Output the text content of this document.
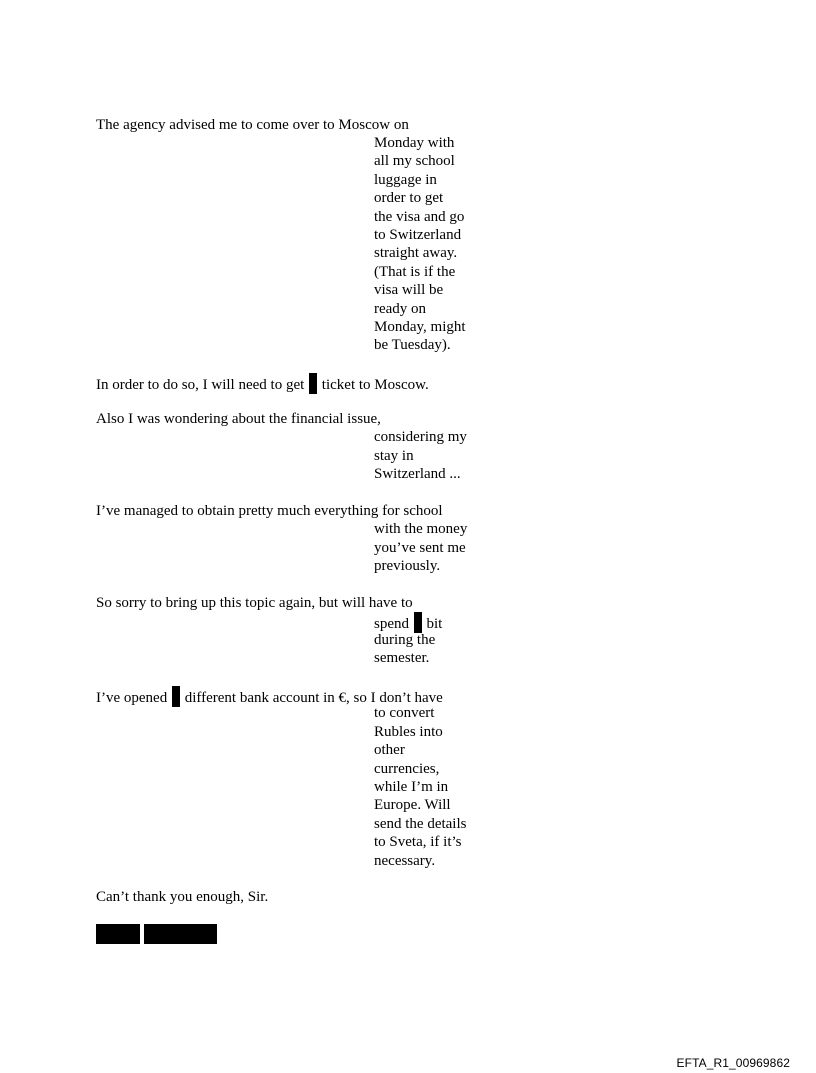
The agency advised me to come over to Moscow on
Monday with
all my school
luggage in
order to get
the visa and go
to Switzerland
straight away.
(That is if the
visa will be
ready on
Monday, might
be Tuesday).
In order to do so, I will need to get ticket to Moscow.
Also I was wondering about the financial issue,
considering my
stay in
Switzerland ...
I’ve managed to obtain pretty much everything for school
with the money
you’ve sent me
previously.
So sorry to bring up this topic again, but will have to
spend bit
during the
semester.
I’ve opened different bank account in €, so I don’t have
to convert
Rubles into
other
currencies,
while I’m in
Europe. Will
send the details
to Sveta, if it’s
necessary.
Can’t thank you enough, Sir.
EFTA_R1_00969862
